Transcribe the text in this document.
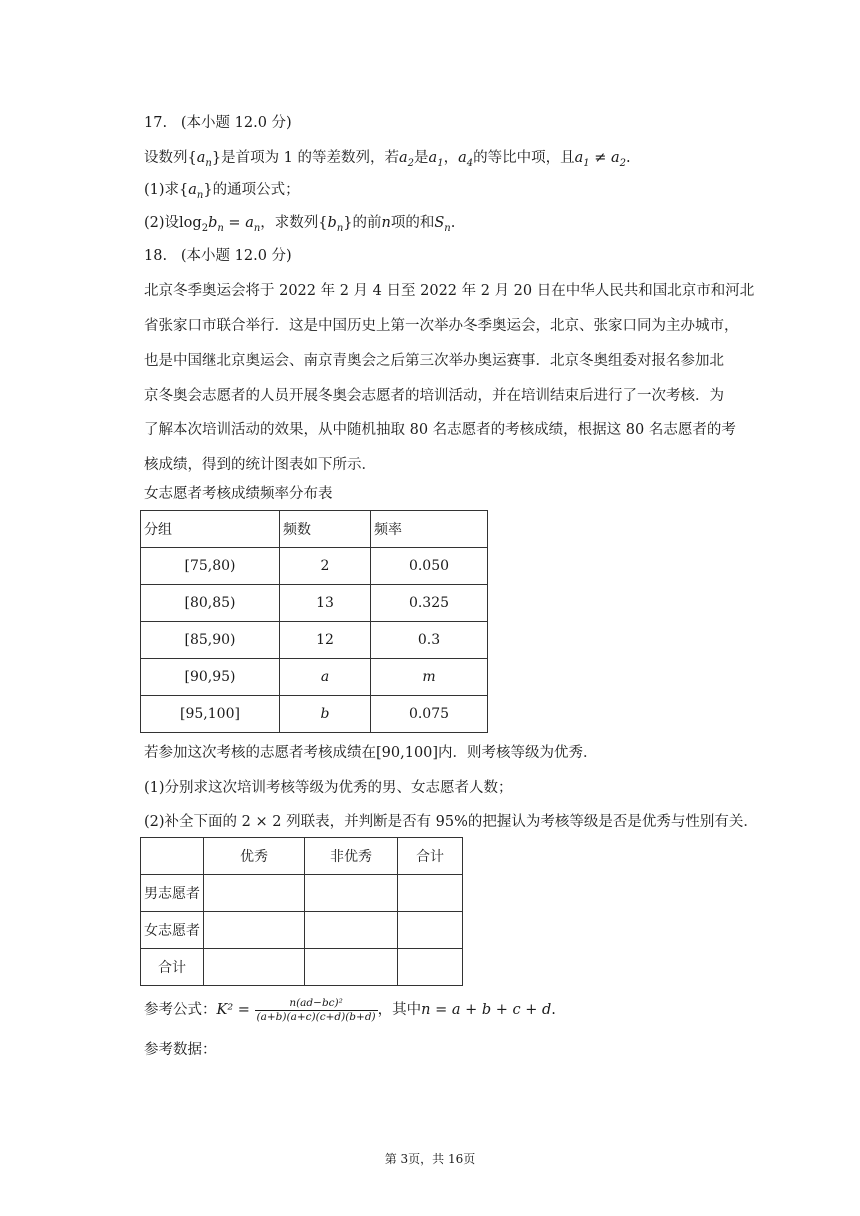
17.   (本小题 12.0 分)
设数列$\{a_n\}$是首项为 1 的等差数列，若$a_2$是$a_1$，$a_4$的等比中项，且$a_1 \ne a_2$.
(1)求$\{a_n\}$的通项公式；
(2)设$\log_2b_n = a_n$，求数列$\{b_n\}$的前n项的和$S_n$.
18.   (本小题 12.0 分)
北京冬季奥运会将于 2022 年 2 月 4 日至 2022 年 2 月 20 日在中华人民共和国北京市和河北
省张家口市联合举行．这是中国历史上第一次举办冬季奥运会，北京、张家口同为主办城市，
也是中国继北京奥运会、南京青奥会之后第三次举办奥运赛事．北京冬奥组委对报名参加北
京冬奥会志愿者的人员开展冬奥会志愿者的培训活动，并在培训结束后进行了一次考核．为
了解本次培训活动的效果，从中随机抽取 80 名志愿者的考核成绩，根据这 80 名志愿者的考
核成绩，得到的统计图表如下所示．
女志愿者考核成绩频率分布表
分组	频数	频率
[75,80)	2	0.050
[80,85)	13	0.325
[85,90)	12	0.3
[90,95)	a	m
[95,100]	b	0.075
若参加这次考核的志愿者考核成绩在[90,100]内．则考核等级为优秀．
(1)分别求这次培训考核等级为优秀的男、女志愿者人数；
(2)补全下面的 2 × 2 列联表，并判断是否有 95%的把握认为考核等级是否是优秀与性别有关．
	优秀	非优秀	合计
男志愿者			
女志愿者			
合计			
参考公式：$K^2 = \frac{\text{n(ad−bc)²}}{(a+b)(a+c)(c+d)(b+d)}$ ，其中n = a + b + c + d.
参考数据：
第 3页，共 16页
